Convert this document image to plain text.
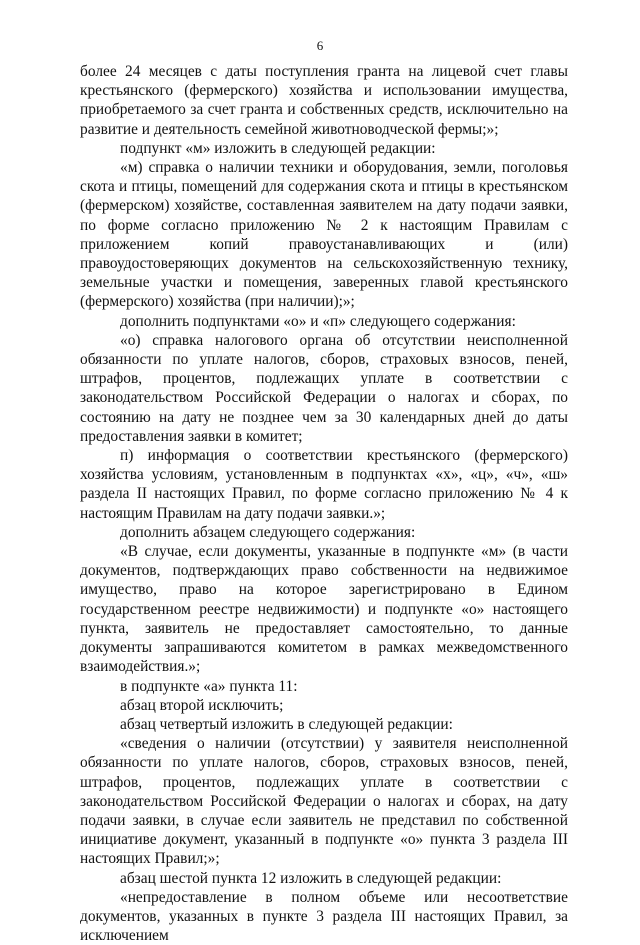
6

более 24 месяцев с даты поступления гранта на лицевой счет главы крестьянского (фермерского) хозяйства и использовании имущества, приобретаемого за счет гранта и собственных средств, исключительно на развитие и деятельность семейной животноводческой фермы;»;

подпункт «м» изложить в следующей редакции:

«м) справка о наличии техники и оборудования, земли, поголовья скота и птицы, помещений для содержания скота и птицы в крестьянском (фермерском) хозяйстве, составленная заявителем на дату подачи заявки, по форме согласно приложению № 2 к настоящим Правилам с приложением копий правоустанавливающих и (или) правоудостоверяющих документов на сельскохозяйственную технику, земельные участки и помещения, заверенных главой крестьянского (фермерского) хозяйства (при наличии);»;

дополнить подпунктами «о» и «п» следующего содержания:

«о) справка налогового органа об отсутствии неисполненной обязанности по уплате налогов, сборов, страховых взносов, пеней, штрафов, процентов, подлежащих уплате в соответствии с законодательством Российской Федерации о налогах и сборах, по состоянию на дату не позднее чем за 30 календарных дней до даты предоставления заявки в комитет;

п) информация о соответствии крестьянского (фермерского) хозяйства условиям, установленным в подпунктах «х», «ц», «ч», «ш» раздела II настоящих Правил, по форме согласно приложению № 4 к настоящим Правилам на дату подачи заявки.»;

дополнить абзацем следующего содержания:

«В случае, если документы, указанные в подпункте «м» (в части документов, подтверждающих право собственности на недвижимое имущество, право на которое зарегистрировано в Едином государственном реестре недвижимости) и подпункте «о» настоящего пункта, заявитель не предоставляет самостоятельно, то данные документы запрашиваются комитетом в рамках межведомственного взаимодействия.»;

в подпункте «а» пункта 11:

абзац второй исключить;

абзац четвертый изложить в следующей редакции:

«сведения о наличии (отсутствии) у заявителя неисполненной обязанности по уплате налогов, сборов, страховых взносов, пеней, штрафов, процентов, подлежащих уплате в соответствии с законодательством Российской Федерации о налогах и сборах, на дату подачи заявки, в случае если заявитель не представил по собственной инициативе документ, указанный в подпункте «о» пункта 3 раздела III настоящих Правил;»;

абзац шестой пункта 12 изложить в следующей редакции:

«непредоставление в полном объеме или несоответствие документов, указанных в пункте 3 раздела III настоящих Правил, за исключением
